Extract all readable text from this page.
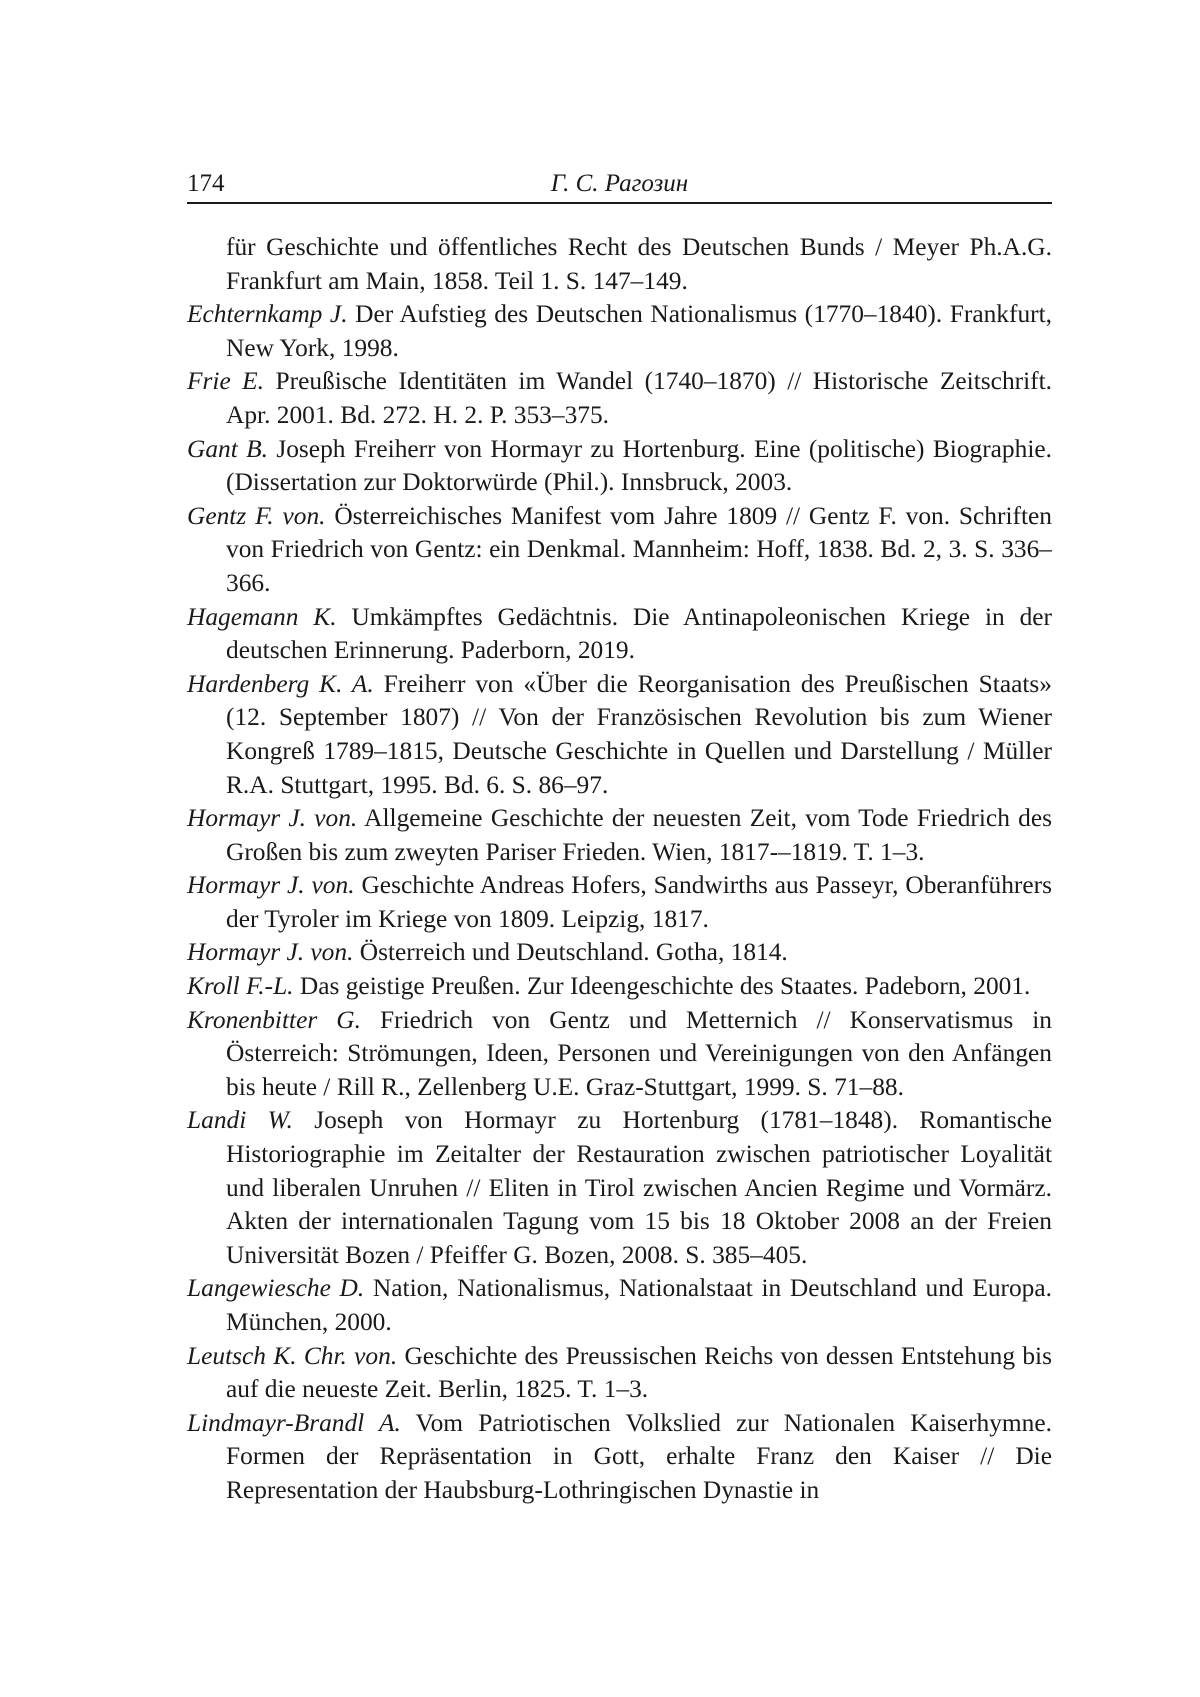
174	Г. С. Рагозин

für Geschichte und öffentliches Recht des Deutschen Bunds / Meyer Ph.A.G. Frankfurt am Main, 1858. Teil 1. S. 147–149.

Echternkamp J. Der Aufstieg des Deutschen Nationalismus (1770–1840). Frankfurt, New York, 1998.

Frie E. Preußische Identitäten im Wandel (1740–1870) // Historische Zeitschrift. Apr. 2001. Bd. 272. H. 2. P. 353–375.

Gant B. Joseph Freiherr von Hormayr zu Hortenburg. Eine (politische) Biographie. (Dissertation zur Doktorwürde (Phil.). Innsbruck, 2003.

Gentz F. von. Österreichisches Manifest vom Jahre 1809 // Gentz F. von. Schriften von Friedrich von Gentz: ein Denkmal. Mannheim: Hoff, 1838. Bd. 2, 3. S. 336–366.

Hagemann K. Umkämpftes Gedächtnis. Die Antinapoleonischen Kriege in der deutschen Erinnerung. Paderborn, 2019.

Hardenberg K. A. Freiherr von «Über die Reorganisation des Preußischen Staats» (12. September 1807) // Von der Französischen Revolution bis zum Wiener Kongreß 1789–1815, Deutsche Geschichte in Quellen und Darstellung / Müller R.A. Stuttgart, 1995. Bd. 6. S. 86–97.

Hormayr J. von. Allgemeine Geschichte der neuesten Zeit, vom Tode Friedrich des Großen bis zum zweyten Pariser Frieden. Wien, 1817-–1819. T. 1–3.

Hormayr J. von. Geschichte Andreas Hofers, Sandwirths aus Passeyr, Oberanführers der Tyroler im Kriege von 1809. Leipzig, 1817.

Hormayr J. von. Österreich und Deutschland. Gotha, 1814.

Kroll F.-L. Das geistige Preußen. Zur Ideengeschichte des Staates. Padeborn, 2001.

Kronenbitter G. Friedrich von Gentz und Metternich // Konservatismus in Österreich: Strömungen, Ideen, Personen und Vereinigungen von den Anfängen bis heute / Rill R., Zellenberg U.E. Graz-Stuttgart, 1999. S. 71–88.

Landi W. Joseph von Hormayr zu Hortenburg (1781–1848). Romantische Historiographie im Zeitalter der Restauration zwischen patriotischer Loyalität und liberalen Unruhen // Eliten in Tirol zwischen Ancien Regime und Vormärz. Akten der internationalen Tagung vom 15 bis 18 Oktober 2008 an der Freien Universität Bozen / Pfeiffer G. Bozen, 2008. S. 385–405.

Langewiesche D. Nation, Nationalismus, Nationalstaat in Deutschland und Europa. München, 2000.

Leutsch K. Chr. von. Geschichte des Preussischen Reichs von dessen Entstehung bis auf die neueste Zeit. Berlin, 1825. T. 1–3.

Lindmayr-Brandl A. Vom Patriotischen Volkslied zur Nationalen Kaiserhymne. Formen der Repräsentation in Gott, erhalte Franz den Kaiser // Die Representation der Haubsburg-Lothringischen Dynastie in
